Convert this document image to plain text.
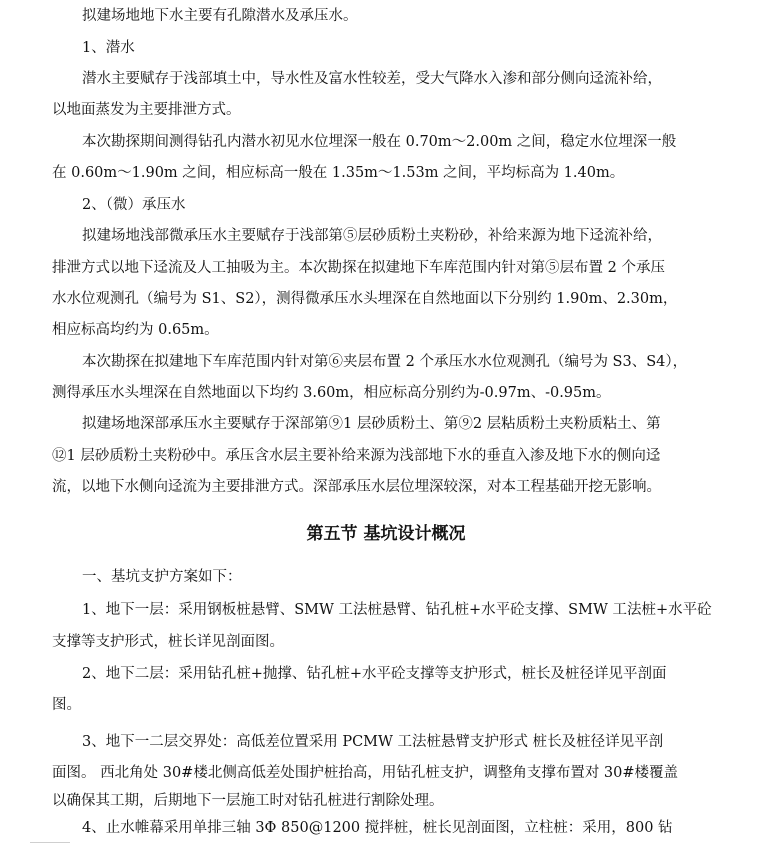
拟建场地地下水主要有孔隙潜水及承压水。
1、潜水
潜水主要赋存于浅部填土中，导水性及富水性较差，受大气降水入渗和部分侧向迳流补给，
以地面蒸发为主要排泄方式。
本次勘探期间测得钻孔内潜水初见水位埋深一般在 0.70m～2.00m 之间，稳定水位埋深一般
在 0.60m～1.90m 之间，相应标高一般在 1.35m～1.53m 之间，平均标高为 1.40m。
2、（微）承压水
拟建场地浅部微承压水主要赋存于浅部第⑤层砂质粉土夹粉砂，补给来源为地下迳流补给，
排泄方式以地下迳流及人工抽吸为主。本次勘探在拟建地下车库范围内针对第⑤层布置 2 个承压
水水位观测孔（编号为 S1、S2），测得微承压水头埋深在自然地面以下分别约 1.90m、2.30m，
相应标高均约为 0.65m。
本次勘探在拟建地下车库范围内针对第⑥夹层布置 2 个承压水水位观测孔（编号为 S3、S4），
测得承压水头埋深在自然地面以下均约 3.60m，相应标高分别约为-0.97m、-0.95m。
拟建场地深部承压水主要赋存于深部第⑨1 层砂质粉土、第⑨2 层粘质粉土夹粉质粘土、第
⑫1 层砂质粉土夹粉砂中。承压含水层主要补给来源为浅部地下水的垂直入渗及地下水的侧向迳
流，以地下水侧向迳流为主要排泄方式。深部承压水层位埋深较深，对本工程基础开挖无影响。
第五节 基坑设计概况
一、基坑支护方案如下：
1、地下一层：采用钢板桩悬臂、SMW 工法桩悬臂、钻孔桩+水平砼支撑、SMW 工法桩+水平砼
支撑等支护形式，桩长详见剖面图。
2、地下二层：采用钻孔桩+抛撑、钻孔桩+水平砼支撑等支护形式，桩长及桩径详见平剖面
图。
3、地下一二层交界处：高低差位置采用 PCMW 工法桩悬臂支护形式 桩长及桩径详见平剖
面图。 西北角处 30#楼北侧高低差处围护桩抬高，用钻孔桩支护，调整角支撑布置对 30#楼覆盖
以确保其工期，后期地下一层施工时对钻孔桩进行割除处理。
4、止水帷幕采用单排三轴 3Φ 850@1200 搅拌桩，桩长见剖面图，立柱桩：采用，800 钻
